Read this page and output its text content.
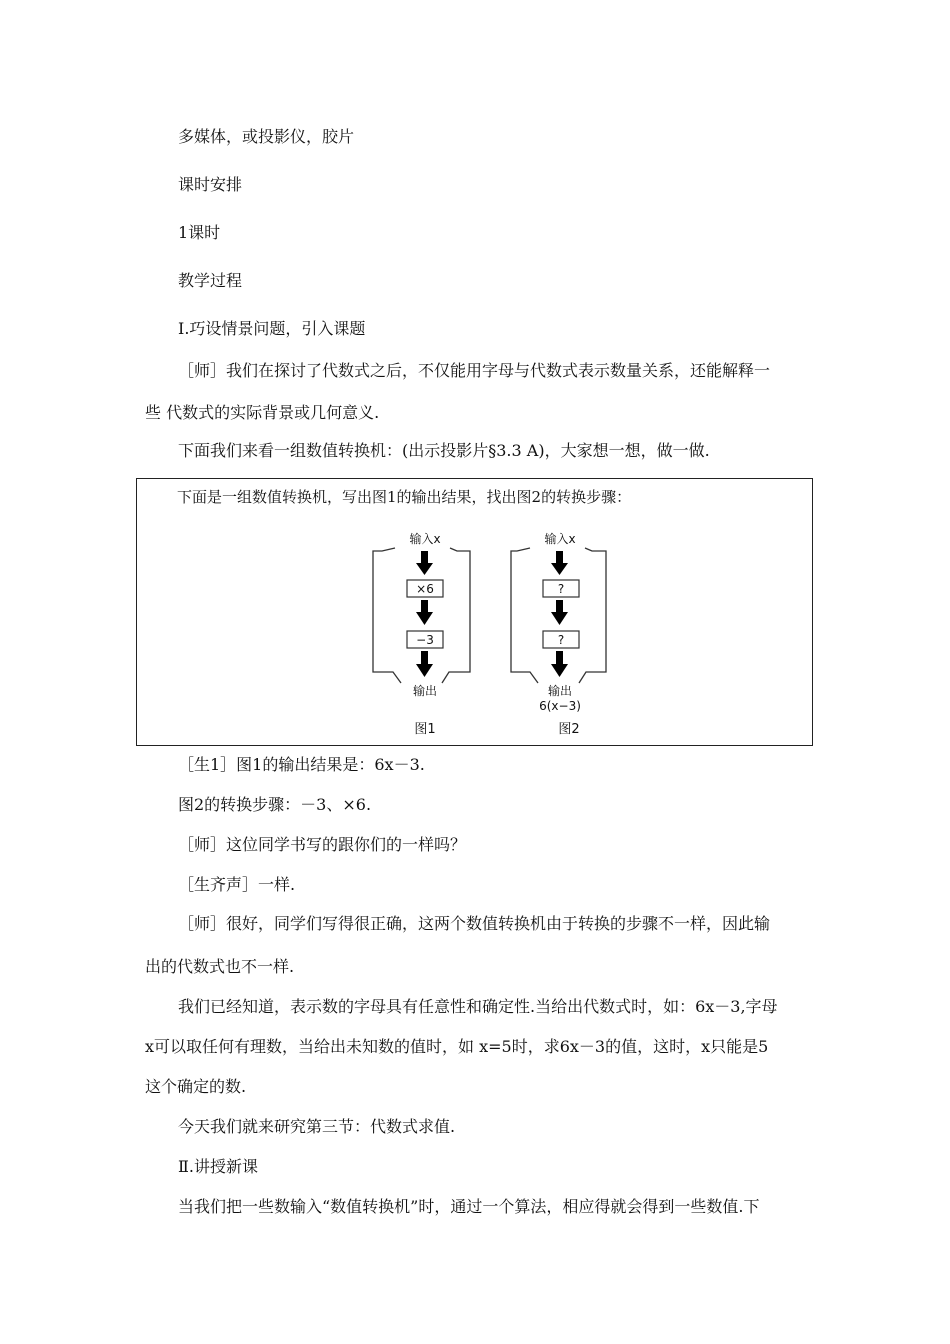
多媒体，或投影仪，胶片
课时安排
1课时
教学过程
Ⅰ.巧设情景问题，引入课题
［师］我们在探讨了代数式之后，不仅能用字母与代数式表示数量关系，还能解释一
些 代数式的实际背景或几何意义.
下面我们来看一组数值转换机：(出示投影片§3.3 A)，大家想一想，做一做.
下面是一组数值转换机，写出图1的输出结果，找出图2的转换步骤：
输入x
×6
−3
输出
图1
输入x
?
?
输出
6(x−3)
图2
［生1］图1的输出结果是：6x－3.
图2的转换步骤：－3、×6.
［师］这位同学书写的跟你们的一样吗？
［生齐声］一样.
［师］很好，同学们写得很正确，这两个数值转换机由于转换的步骤不一样，因此输
出的代数式也不一样.
我们已经知道，表示数的字母具有任意性和确定性.当给出代数式时，如：6x－3,字母
x可以取任何有理数，当给出未知数的值时，如 x=5时，求6x－3的值，这时，x只能是5
这个确定的数.
今天我们就来研究第三节：代数式求值.
Ⅱ.讲授新课
当我们把一些数输入“数值转换机”时，通过一个算法，相应得就会得到一些数值.下
